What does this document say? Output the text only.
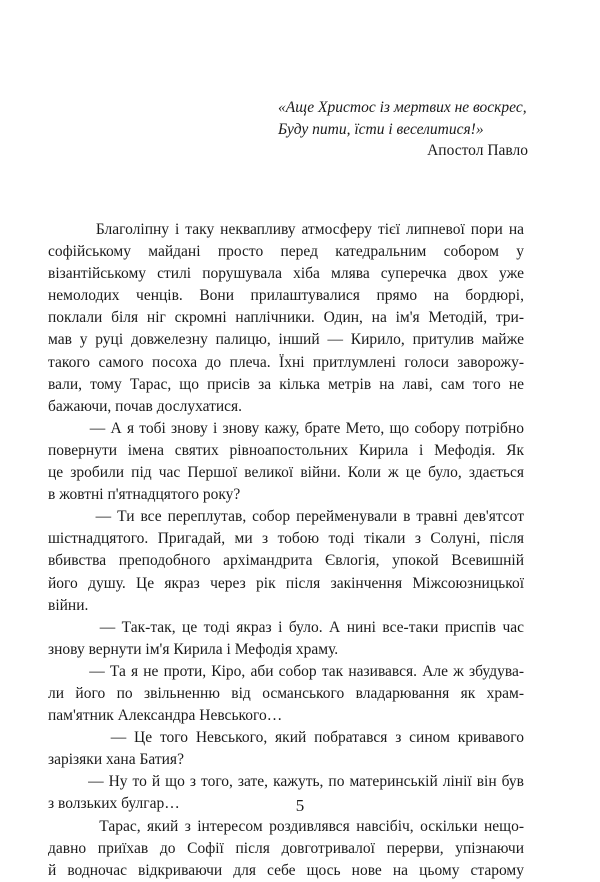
«Аще Христос із мертвих не воскрес,
Буду пити, їсти і веселитися!»
Апостол Павло
Благоліпну і таку неквапливу атмосферу тієї липневої пори на
софійському майдані просто перед катедральним собором у
візантійському стилі порушувала хіба млява суперечка двох уже
немолодих ченців. Вони прилаштувалися прямо на бордюрі,
поклали біля ніг скромні наплічники. Один, на ім'я Методій, три-
мав у руці довжелезну палицю, інший — Кирило, притулив майже
такого самого посоха до плеча. Їхні притлумлені голоси заворожу-
вали, тому Тарас, що присів за кілька метрів на лаві, сам того не
бажаючи, почав дослухатися.
— А я тобі знову і знову кажу, брате Мето, що собору потрібно
повернути імена святих рівноапостольних Кирила і Мефодія. Як
це зробили під час Першої великої війни. Коли ж це було, здається
в жовтні п'ятнадцятого року?
— Ти все переплутав, собор перейменували в травні дев'ятсот
шістнадцятого. Пригадай, ми з тобою тоді тікали з Солуні, після
вбивства преподобного архімандрита Євлогія, упокой Всевишній
його душу. Це якраз через рік після закінчення Міжсоюзницької
війни.
— Так-так, це тоді якраз і було. А нині все-таки приспів час
знову вернути ім'я Кирила і Мефодія храму.
— Та я не проти, Кіро, аби собор так називався. Але ж збудува-
ли його по звільненню від османського владарювання як храм-
пам'ятник Александра Невського…
— Це того Невського, який побратався з сином кривавого
зарізяки хана Батия?
— Ну то й що з того, зате, кажуть, по материнській лінії він був
з волзьких булгар…
Тарас, який з інтересом роздивлявся навсібіч, оскільки нещо-
давно приїхав до Софії після довготривалої перерви, упізнаючи
й водночас відкриваючи для себе щось нове на цьому старому
5
